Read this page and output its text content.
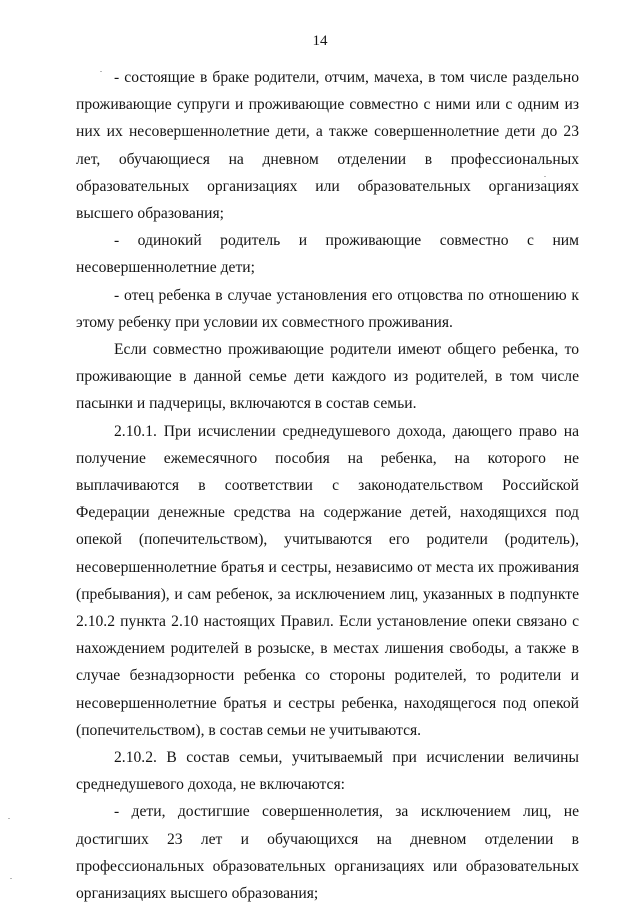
14

- состоящие в браке родители, отчим, мачеха, в том числе раздельно проживающие супруги и проживающие совместно с ними или с одним из них их несовершеннолетние дети, а также совершеннолетние дети до 23 лет, обучающиеся на дневном отделении в профессиональных образовательных организациях или образовательных организациях высшего образования;

- одинокий родитель и проживающие совместно с ним несовершеннолетние дети;

- отец ребенка в случае установления его отцовства по отношению к этому ребенку при условии их совместного проживания.

Если совместно проживающие родители имеют общего ребенка, то проживающие в данной семье дети каждого из родителей, в том числе пасынки и падчерицы, включаются в состав семьи.

2.10.1. При исчислении среднедушевого дохода, дающего право на получение ежемесячного пособия на ребенка, на которого не выплачиваются в соответствии с законодательством Российской Федерации денежные средства на содержание детей, находящихся под опекой (попечительством), учитываются его родители (родитель), несовершеннолетние братья и сестры, независимо от места их проживания (пребывания), и сам ребенок, за исключением лиц, указанных в подпункте 2.10.2 пункта 2.10 настоящих Правил. Если установление опеки связано с нахождением родителей в розыске, в местах лишения свободы, а также в случае безнадзорности ребенка со стороны родителей, то родители и несовершеннолетние братья и сестры ребенка, находящегося под опекой (попечительством), в состав семьи не учитываются.

2.10.2. В состав семьи, учитываемый при исчислении величины среднедушевого дохода, не включаются:

- дети, достигшие совершеннолетия, за исключением лиц, не достигших 23 лет и обучающихся на дневном отделении в профессиональных образовательных организациях или образовательных организациях высшего образования;
